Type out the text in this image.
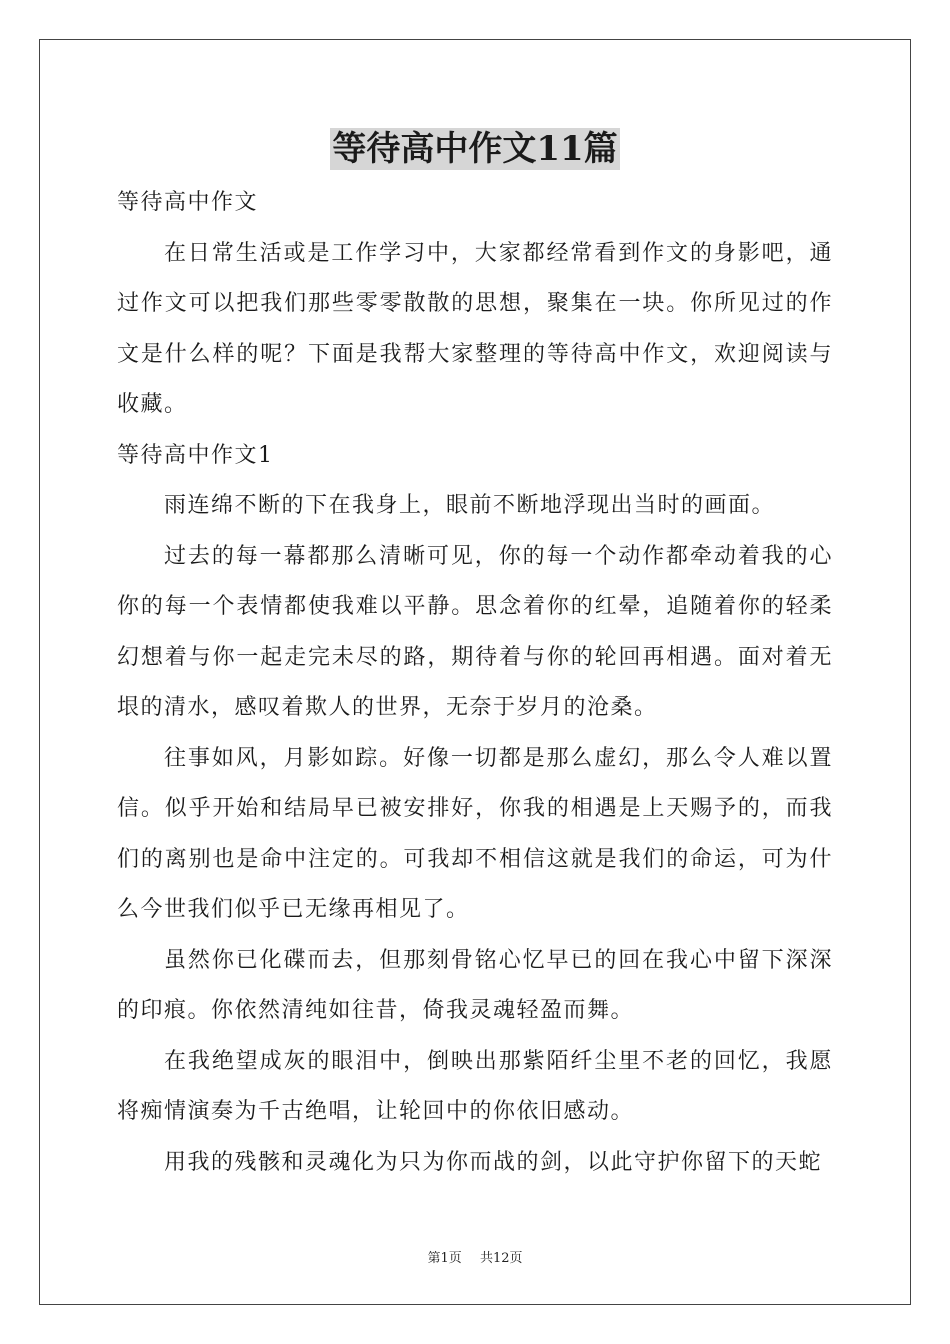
等待高中作文11篇

等待高中作文

在日常生活或是工作学习中，大家都经常看到作文的身影吧，通过作文可以把我们那些零零散散的思想，聚集在一块。你所见过的作文是什么样的呢？下面是我帮大家整理的等待高中作文，欢迎阅读与收藏。

等待高中作文1

雨连绵不断的下在我身上，眼前不断地浮现出当时的画面。

过去的每一幕都那么清晰可见，你的每一个动作都牵动着我的心你的每一个表情都使我难以平静。思念着你的红晕，追随着你的轻柔幻想着与你一起走完未尽的路，期待着与你的轮回再相遇。面对着无垠的清水，感叹着欺人的世界，无奈于岁月的沧桑。

往事如风，月影如踪。好像一切都是那么虚幻，那么令人难以置信。似乎开始和结局早已被安排好，你我的相遇是上天赐予的，而我们的离别也是命中注定的。可我却不相信这就是我们的命运，可为什么今世我们似乎已无缘再相见了。

虽然你已化碟而去，但那刻骨铭心忆早已的回在我心中留下深深的印痕。你依然清纯如往昔，倚我灵魂轻盈而舞。

在我绝望成灰的眼泪中，倒映出那紫陌纤尘里不老的回忆，我愿将痴情演奏为千古绝唱，让轮回中的你依旧感动。

用我的残骸和灵魂化为只为你而战的剑，以此守护你留下的天蛇

第1页 共12页
